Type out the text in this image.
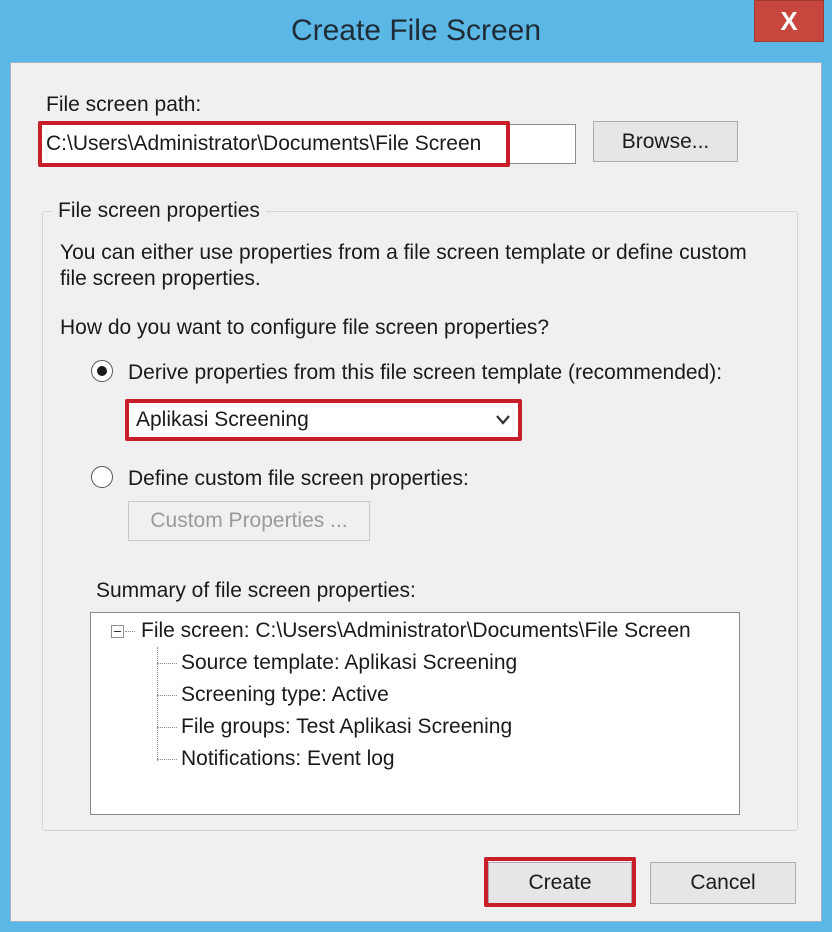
Create File Screen	X
File screen path:
C:\Users\Administrator\Documents\File Screen	Browse...
File screen properties
You can either use properties from a file screen template or define custom
file screen properties.
How do you want to configure file screen properties?
Derive properties from this file screen template (recommended):
Aplikasi Screening
Define custom file screen properties:
Custom Properties ...
Summary of file screen properties:
File screen: C:\Users\Administrator\Documents\File Screen
Source template: Aplikasi Screening
Screening type: Active
File groups: Test Aplikasi Screening
Notifications: Event log
Create	Cancel
